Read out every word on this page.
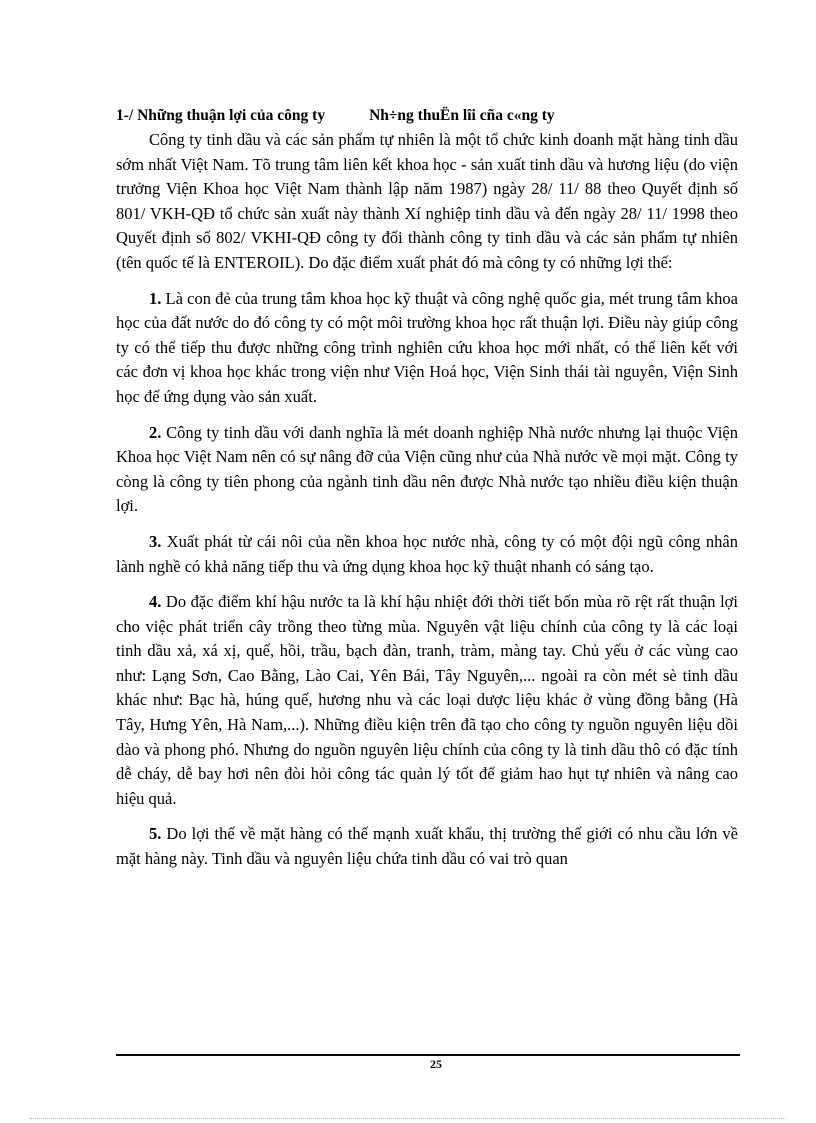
1-/ Những thuận lợi của công ty	Nh÷ng thuËn lîi cña c«ng ty

Công ty tinh dầu và các sản phẩm tự nhiên là một tổ chức kinh doanh mặt hàng tinh dầu sớm nhất Việt Nam. Tõ trung tâm liên kết khoa học - sản xuất tinh dầu và hương liệu (do viện trưởng Viện Khoa học Việt Nam thành lập năm 1987) ngày 28/ 11/ 88 theo Quyết định số 801/ VKH-QĐ tổ chức sản xuất này thành Xí nghiệp tinh dầu và đến ngày 28/ 11/ 1998 theo Quyết định số 802/ VKHI-QĐ công ty đổi thành công ty tinh dầu và các sản phẩm tự nhiên (tên quốc tế là ENTEROIL). Do đặc điểm xuất phát đó mà công ty có những lợi thế:

1. Là con đẻ của trung tâm khoa học kỹ thuật và công nghệ quốc gia, mét trung tâm khoa học của đất nước do đó công ty có một môi trường khoa học rất thuận lợi. Điều này giúp công ty có thể tiếp thu được những công trình nghiên cứu khoa học mới nhất, có thể liên kết với các đơn vị khoa học khác trong viện như Viện Hoá học, Viện Sinh thái tài nguyên, Viện Sinh học để ứng dụng vào sản xuất.

2. Công ty tinh dầu với danh nghĩa là mét doanh nghiệp Nhà nước nhưng lại thuộc Viện Khoa học Việt Nam nên có sự nâng đỡ của Viện cũng như của Nhà nước về mọi mặt. Công ty còng là công ty tiên phong của ngành tinh dầu nên được Nhà nước tạo nhiều điều kiện thuận lợi.

3. Xuất phát từ cái nôi của nền khoa học nước nhà, công ty có một đội ngũ công nhân lành nghề có khả năng tiếp thu và ứng dụng khoa học kỹ thuật nhanh có sáng tạo.

4. Do đặc điểm khí hậu nước ta là khí hậu nhiệt đới thời tiết bốn mùa rõ rệt rất thuận lợi cho việc phát triển cây trồng theo từng mùa. Nguyên vật liệu chính của công ty là các loại tinh dầu xả, xá xị, quế, hồi, trầu, bạch đàn, tranh, tràm, màng tay. Chủ yếu ở các vùng cao như: Lạng Sơn, Cao Bằng, Lào Cai, Yên Bái, Tây Nguyên,... ngoài ra còn mét sè tinh dầu khác như: Bạc hà, húng quế, hương nhu và các loại dược liệu khác ở vùng đồng bằng (Hà Tây, Hưng Yên, Hà Nam,...). Những điều kiện trên đã tạo cho công ty nguồn nguyên liệu dồi dào và phong phó. Nhưng do nguồn nguyên liệu chính của công ty là tinh dầu thô có đặc tính dễ cháy, dễ bay hơi nên đòi hỏi công tác quản lý tốt để giảm hao hụt tự nhiên và nâng cao hiệu quả.

5. Do lợi thế về mặt hàng có thế mạnh xuất khẩu, thị trường thế giới có nhu cầu lớn về mặt hàng này. Tinh dầu và nguyên liệu chứa tinh dầu có vai trò quan

25
